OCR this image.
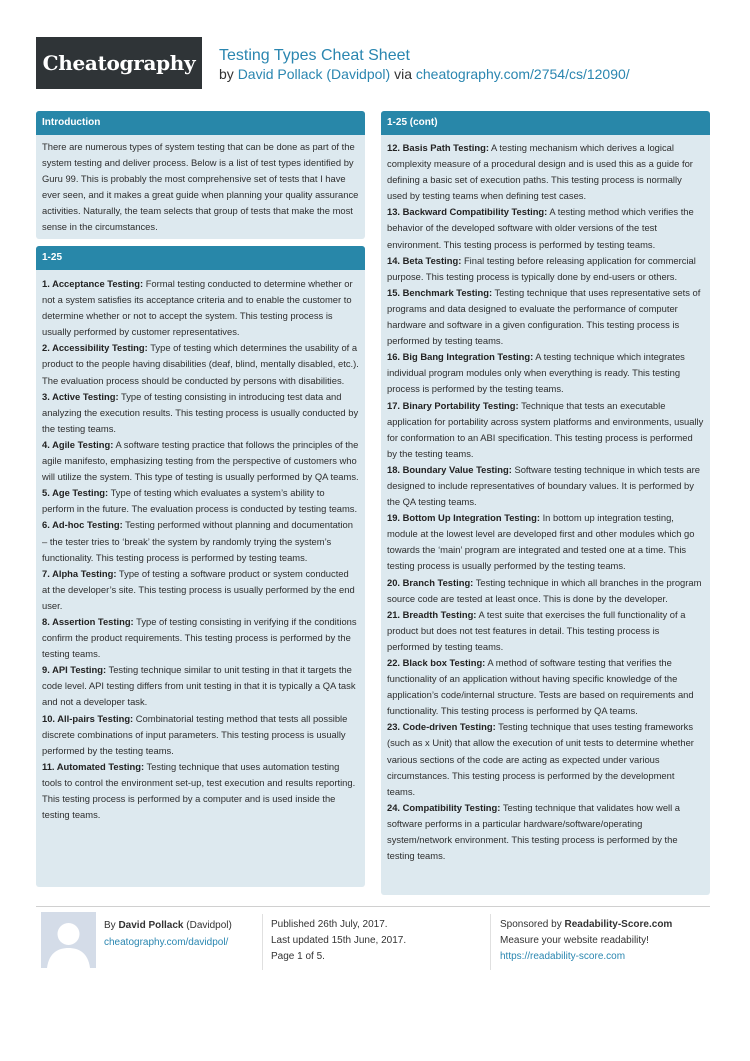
Cheatography	Testing Types Cheat Sheet
by David Pollack (Davidpol) via cheatography.com/2754/cs/12090/
Introduction

There are numerous types of system testing that can be done as part of the system testing and deliver process. Below is a list of test types identified by Guru 99. This is probably the most comprehensive set of tests that I have ever seen, and it makes a great guide when planning your quality assurance activities. Naturally, the team selects that group of tests that make the most sense in the circumstances.

1-25

1. Acceptance Testing: Formal testing conducted to determine whether or not a system satisfies its acceptance criteria and to enable the customer to determine whether or not to accept the system. This testing process is usually performed by customer representatives.

2. Accessibility Testing: Type of testing which determines the usability of a product to the people having disabilities (deaf, blind, mentally disabled, etc.). The evaluation process should be conducted by persons with disabilities.

3. Active Testing: Type of testing consisting in introducing test data and analyzing the execution results. This testing process is usually conducted by the testing teams.

4. Agile Testing: A software testing practice that follows the principles of the agile manifesto, emphasizing testing from the perspective of customers who will utilize the system. This type of testing is usually performed by QA teams.

5. Age Testing: Type of testing which evaluates a system’s ability to perform in the future. The evaluation process is conducted by testing teams.

6. Ad-hoc Testing: Testing performed without planning and documentation – the tester tries to ‘break’ the system by randomly trying the system’s functionality. This testing process is performed by testing teams.

7. Alpha Testing: Type of testing a software product or system conducted at the developer’s site. This testing process is usually performed by the end user.

8. Assertion Testing: Type of testing consisting in verifying if the conditions confirm the product requirements. This testing process is performed by the testing teams.

9. API Testing: Testing technique similar to unit testing in that it targets the code level. API testing differs from unit testing in that it is typically a QA task and not a developer task.

10. All-pairs Testing: Combinatorial testing method that tests all possible discrete combinations of input parameters. This testing process is usually performed by the testing teams.

11. Automated Testing: Testing technique that uses automation testing tools to control the environment set-up, test execution and results reporting. This testing process is performed by a computer and is used inside the testing teams.

1-25 (cont)

12. Basis Path Testing: A testing mechanism which derives a logical complexity measure of a procedural design and is used this as a guide for defining a basic set of execution paths. This testing process is normally used by testing teams when defining test cases.

13. Backward Compatibility Testing: A testing method which verifies the behavior of the developed software with older versions of the test environment. This testing process is performed by testing teams.

14. Beta Testing: Final testing before releasing application for commercial purpose. This testing process is typically done by end-users or others.

15. Benchmark Testing: Testing technique that uses representative sets of programs and data designed to evaluate the performance of computer hardware and software in a given configuration. This testing process is performed by testing teams.

16. Big Bang Integration Testing: A testing technique which integrates individual program modules only when everything is ready. This testing process is performed by the testing teams.

17. Binary Portability Testing: Technique that tests an executable application for portability across system platforms and environments, usually for conformation to an ABI specification. This testing process is performed by the testing teams.

18. Boundary Value Testing: Software testing technique in which tests are designed to include representatives of boundary values. It is performed by the QA testing teams.

19. Bottom Up Integration Testing: In bottom up integration testing, module at the lowest level are developed first and other modules which go towards the ‘main’ program are integrated and tested one at a time. This testing process is usually performed by the testing teams.

20. Branch Testing: Testing technique in which all branches in the program source code are tested at least once. This is done by the developer.

21. Breadth Testing: A test suite that exercises the full functionality of a product but does not test features in detail. This testing process is performed by testing teams.

22. Black box Testing: A method of software testing that verifies the functionality of an application without having specific knowledge of the application’s code/internal structure. Tests are based on requirements and functionality. This testing process is performed by QA teams.

23. Code-driven Testing: Testing technique that uses testing frameworks (such as x Unit) that allow the execution of unit tests to determine whether various sections of the code are acting as expected under various circumstances. This testing process is performed by the development teams.

24. Compatibility Testing: Testing technique that validates how well a software performs in a particular hardware/software/operating system/network environment. This testing process is performed by the testing teams.

By David Pollack (Davidpol)
cheatography.com/davidpol/
Published 26th July, 2017.
Last updated 15th June, 2017.
Page 1 of 5.
Sponsored by Readability-Score.com
Measure your website readability!
https://readability-score.com
